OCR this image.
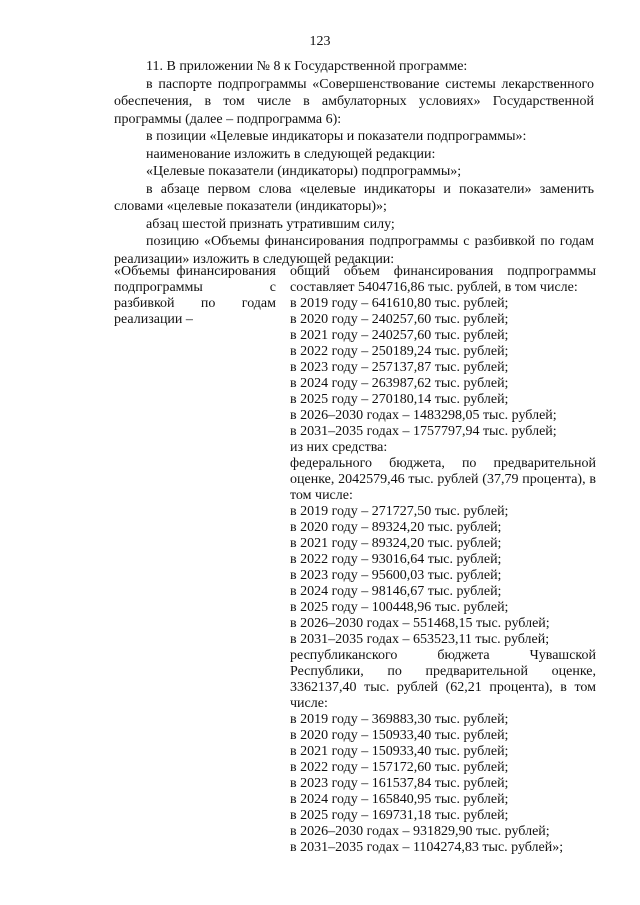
123

11. В приложении № 8 к Государственной программе:

в паспорте подпрограммы «Совершенствование системы лекарственного обеспечения, в том числе в амбулаторных условиях» Государственной программы (далее – подпрограмма 6):

в позиции «Целевые индикаторы и показатели подпрограммы»:

наименование изложить в следующей редакции:

«Целевые показатели (индикаторы) подпрограммы»;

в абзаце первом слова «целевые индикаторы и показатели» заменить словами «целевые показатели (индикаторы)»;

абзац шестой признать утратившим силу;

позицию «Объемы финансирования подпрограммы с разбивкой по годам реализации» изложить в следующей редакции:

«Объемы финансирования подпрограммы с разбивкой по годам реализации –

общий объем финансирования подпрограммы составляет 5404716,86 тыс. рублей, в том числе:

в 2019 году – 641610,80 тыс. рублей;

в 2020 году – 240257,60 тыс. рублей;

в 2021 году – 240257,60 тыс. рублей;

в 2022 году – 250189,24 тыс. рублей;

в 2023 году – 257137,87 тыс. рублей;

в 2024 году – 263987,62 тыс. рублей;

в 2025 году – 270180,14 тыс. рублей;

в 2026–2030 годах – 1483298,05 тыс. рублей;

в 2031–2035 годах – 1757797,94 тыс. рублей;

из них средства:

федерального бюджета, по предварительной оценке, 2042579,46 тыс. рублей (37,79 процента), в том числе:

в 2019 году – 271727,50 тыс. рублей;

в 2020 году – 89324,20 тыс. рублей;

в 2021 году – 89324,20 тыс. рублей;

в 2022 году – 93016,64 тыс. рублей;

в 2023 году – 95600,03 тыс. рублей;

в 2024 году – 98146,67 тыс. рублей;

в 2025 году – 100448,96 тыс. рублей;

в 2026–2030 годах – 551468,15 тыс. рублей;

в 2031–2035 годах – 653523,11 тыс. рублей;

республиканского бюджета Чувашской Республики, по предварительной оценке, 3362137,40 тыс. рублей (62,21 процента), в том числе:

в 2019 году – 369883,30 тыс. рублей;

в 2020 году – 150933,40 тыс. рублей;

в 2021 году – 150933,40 тыс. рублей;

в 2022 году – 157172,60 тыс. рублей;

в 2023 году – 161537,84 тыс. рублей;

в 2024 году – 165840,95 тыс. рублей;

в 2025 году – 169731,18 тыс. рублей;

в 2026–2030 годах – 931829,90 тыс. рублей;

в 2031–2035 годах – 1104274,83 тыс. рублей»;
